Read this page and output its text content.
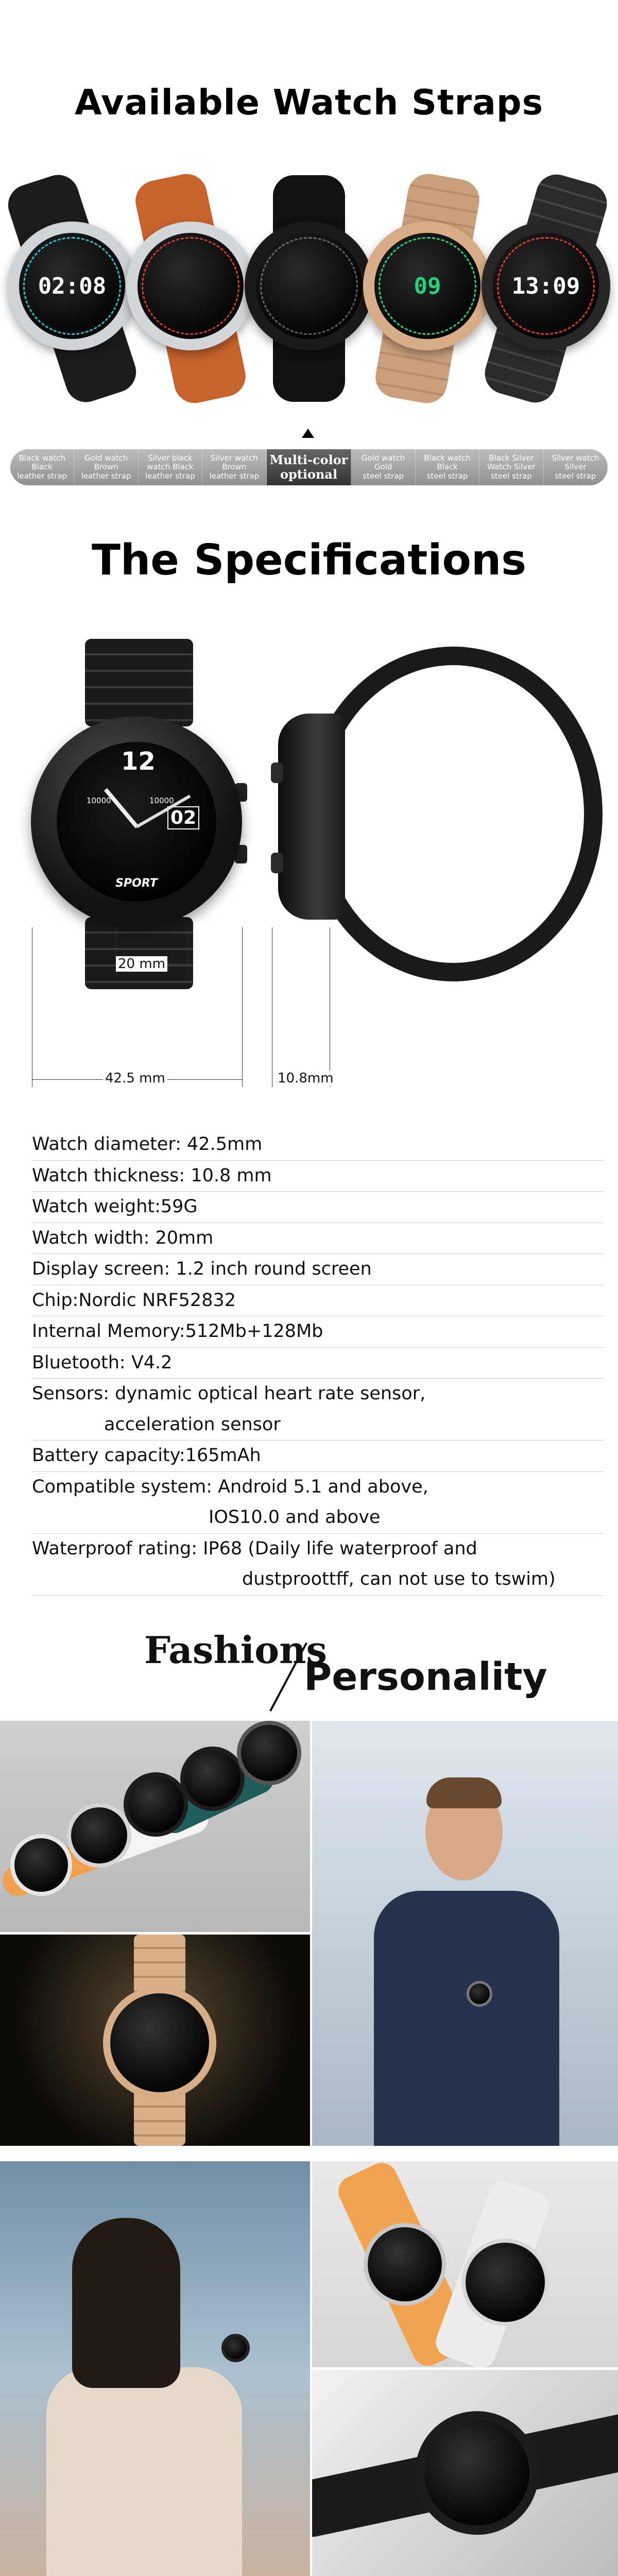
Available Watch Straps
02:08	09	13:09
Black watch
Black
leather strap
Gold watch
Brown
leather strap
Silver black
watch Black
leather strap
Silver watch
Brown
leather strap
Multi-color
optional
Gold watch
Gold
steel strap
Black watch
Black
steel strap
Black Silver
Watch Silver
steel strap
Silver watch
Silver
steel strap
The Specifications
12
02
10000	10000
SPORT
20 mm
42.5 mm	10.8mm
Watch diameter: 42.5mm
Watch thickness: 10.8 mm
Watch weight:59G
Watch width: 20mm
Display screen: 1.2 inch round screen
Chip:Nordic NRF52832
Internal Memory:512Mb+128Mb
Bluetooth: V4.2
Sensors: dynamic optical heart rate sensor,
acceleration sensor
Battery capacity:165mAh
Compatible system: Android 5.1 and above,
IOS10.0 and above
Waterproof rating: IP68 (Daily life waterproof and
dustproottff, can not use to tswim)
Fashions
Personality
